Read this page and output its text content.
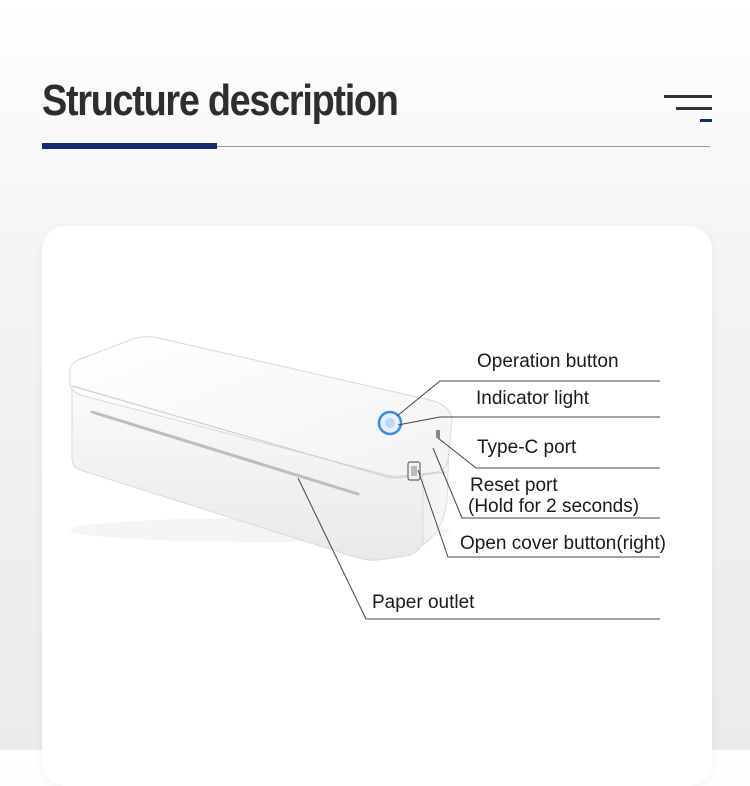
Structure description
Operation button
Indicator light
Type-C port
Reset port
(Hold for 2 seconds)
Open cover button(right)
Paper outlet
